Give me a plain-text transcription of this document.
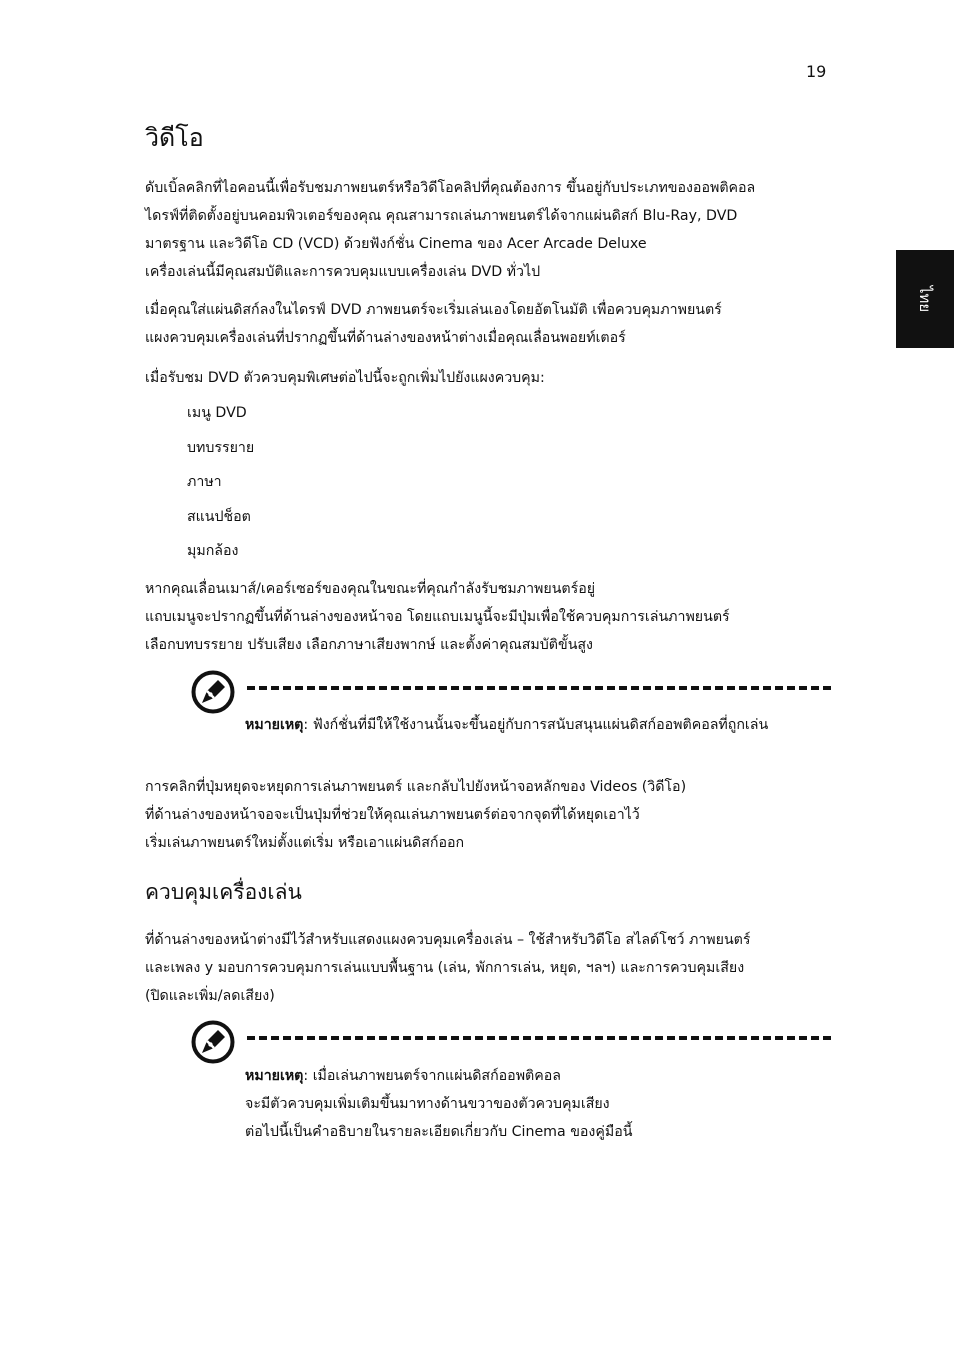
19
ไทย
วิดีโอ

ดับเบิ้ลคลิกที่ไอคอนนี้เพื่อรับชมภาพยนตร์หรือวิดีโอคลิปที่คุณต้องการ ขึ้นอยู่กับประเภทของออพติคอล
ไดรฟ์ที่ติดตั้งอยู่บนคอมพิวเตอร์ของคุณ คุณสามารถเล่นภาพยนตร์ได้จากแผ่นดิสก์ Blu-Ray, DVD
มาตรฐาน และวิดีโอ CD (VCD) ด้วยฟังก์ชั่น Cinema ของ Acer Arcade Deluxe
เครื่องเล่นนี้มีคุณสมบัติและการควบคุมแบบเครื่องเล่น DVD ทั่วไป

เมื่อคุณใส่แผ่นดิสก์ลงในไดรฟ์ DVD ภาพยนตร์จะเริ่มเล่นเองโดยอัตโนมัติ เพื่อควบคุมภาพยนตร์
แผงควบคุมเครื่องเล่นที่ปรากฏขึ้นที่ด้านล่างของหน้าต่างเมื่อคุณเลื่อนพอยท์เตอร์

เมื่อรับชม DVD ตัวควบคุมพิเศษต่อไปนี้จะถูกเพิ่มไปยังแผงควบคุม:

เมนู DVD
บทบรรยาย
ภาษา
สแนปช็อต
มุมกล้อง

หากคุณเลื่อนเมาส์/เคอร์เซอร์ของคุณในขณะที่คุณกำลังรับชมภาพยนตร์อยู่
แถบเมนูจะปรากฏขึ้นที่ด้านล่างของหน้าจอ โดยแถบเมนูนี้จะมีปุ่มเพื่อใช้ควบคุมการเล่นภาพยนตร์
เลือกบทบรรยาย ปรับเสียง เลือกภาษาเสียงพากษ์ และตั้งค่าคุณสมบัติขั้นสูง

หมายเหตุ: ฟังก์ชั่นที่มีให้ใช้งานนั้นจะขึ้นอยู่กับการสนับสนุนแผ่นดิสก์ออพติคอลที่ถูกเล่น

การคลิกที่ปุ่มหยุดจะหยุดการเล่นภาพยนตร์ และกลับไปยังหน้าจอหลักของ Videos (วิดีโอ)
ที่ด้านล่างของหน้าจอจะเป็นปุ่มที่ช่วยให้คุณเล่นภาพยนตร์ต่อจากจุดที่ได้หยุดเอาไว้
เริ่มเล่นภาพยนตร์ใหม่ตั้งแต่เริ่ม หรือเอาแผ่นดิสก์ออก

ควบคุมเครื่องเล่น

ที่ด้านล่างของหน้าต่างมีไว้สำหรับแสดงแผงควบคุมเครื่องเล่น – ใช้สำหรับวิดีโอ สไลด์โชว์ ภาพยนตร์
และเพลง y มอบการควบคุมการเล่นแบบพื้นฐาน (เล่น, พักการเล่น, หยุด, ฯลฯ) และการควบคุมเสียง
(ปิดและเพิ่ม/ลดเสียง)

หมายเหตุ: เมื่อเล่นภาพยนตร์จากแผ่นดิสก์ออพติคอล
จะมีตัวควบคุมเพิ่มเติมขึ้นมาทางด้านขวาของตัวควบคุมเสียง
ต่อไปนี้เป็นคำอธิบายในรายละเอียดเกี่ยวกับ Cinema ของคู่มือนี้
